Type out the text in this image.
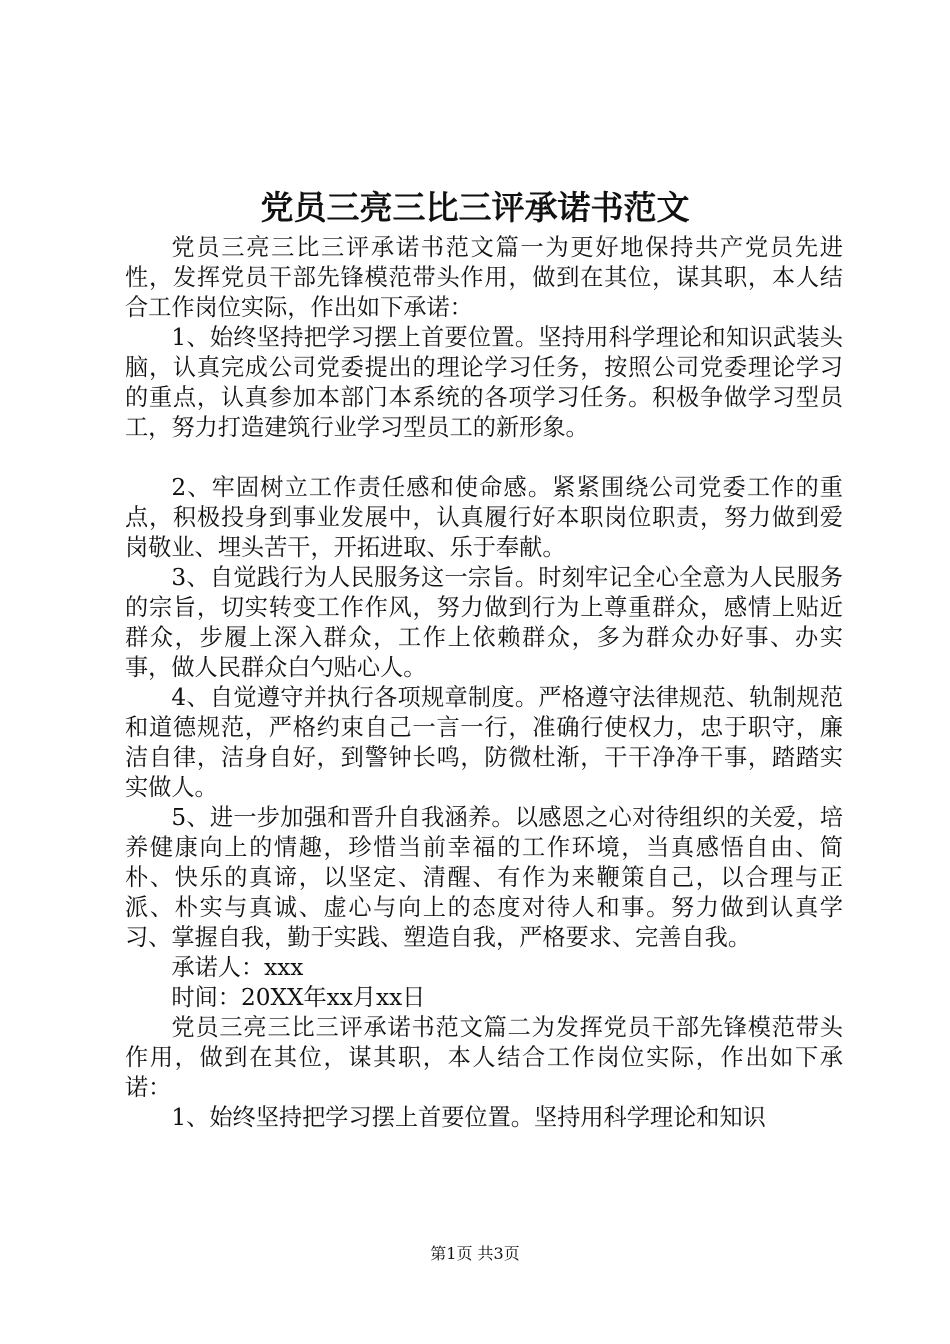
党员三亮三比三评承诺书范文

党员三亮三比三评承诺书范文篇一为更好地保持共产党员先进性，发挥党员干部先锋模范带头作用，做到在其位，谋其职，本人结合工作岗位实际，作出如下承诺：

1、始终坚持把学习摆上首要位置。坚持用科学理论和知识武装头脑，认真完成公司党委提出的理论学习任务，按照公司党委理论学习的重点，认真参加本部门本系统的各项学习任务。积极争做学习型员工，努力打造建筑行业学习型员工的新形象。

2、牢固树立工作责任感和使命感。紧紧围绕公司党委工作的重点，积极投身到事业发展中，认真履行好本职岗位职责，努力做到爱岗敬业、埋头苦干，开拓进取、乐于奉献。

3、自觉践行为人民服务这一宗旨。时刻牢记全心全意为人民服务的宗旨，切实转变工作作风，努力做到行为上尊重群众，感情上贴近群众，步履上深入群众，工作上依赖群众，多为群众办好事、办实事，做人民群众白勺贴心人。

4、自觉遵守并执行各项规章制度。严格遵守法律规范、轨制规范和道德规范，严格约束自己一言一行，准确行使权力，忠于职守，廉洁自律，洁身自好，到警钟长鸣，防微杜渐，干干净净干事，踏踏实实做人。

5、进一步加强和晋升自我涵养。以感恩之心对待组织的关爱，培养健康向上的情趣，珍惜当前幸福的工作环境，当真感悟自由、简朴、快乐的真谛，以坚定、清醒、有作为来鞭策自己，以合理与正派、朴实与真诚、虚心与向上的态度对待人和事。努力做到认真学习、掌握自我，勤于实践、塑造自我，严格要求、完善自我。

承诺人：xxx

时间：20XX年xx月xx日

党员三亮三比三评承诺书范文篇二为发挥党员干部先锋模范带头作用，做到在其位，谋其职，本人结合工作岗位实际，作出如下承诺：

1、始终坚持把学习摆上首要位置。坚持用科学理论和知识

第1页 共3页
